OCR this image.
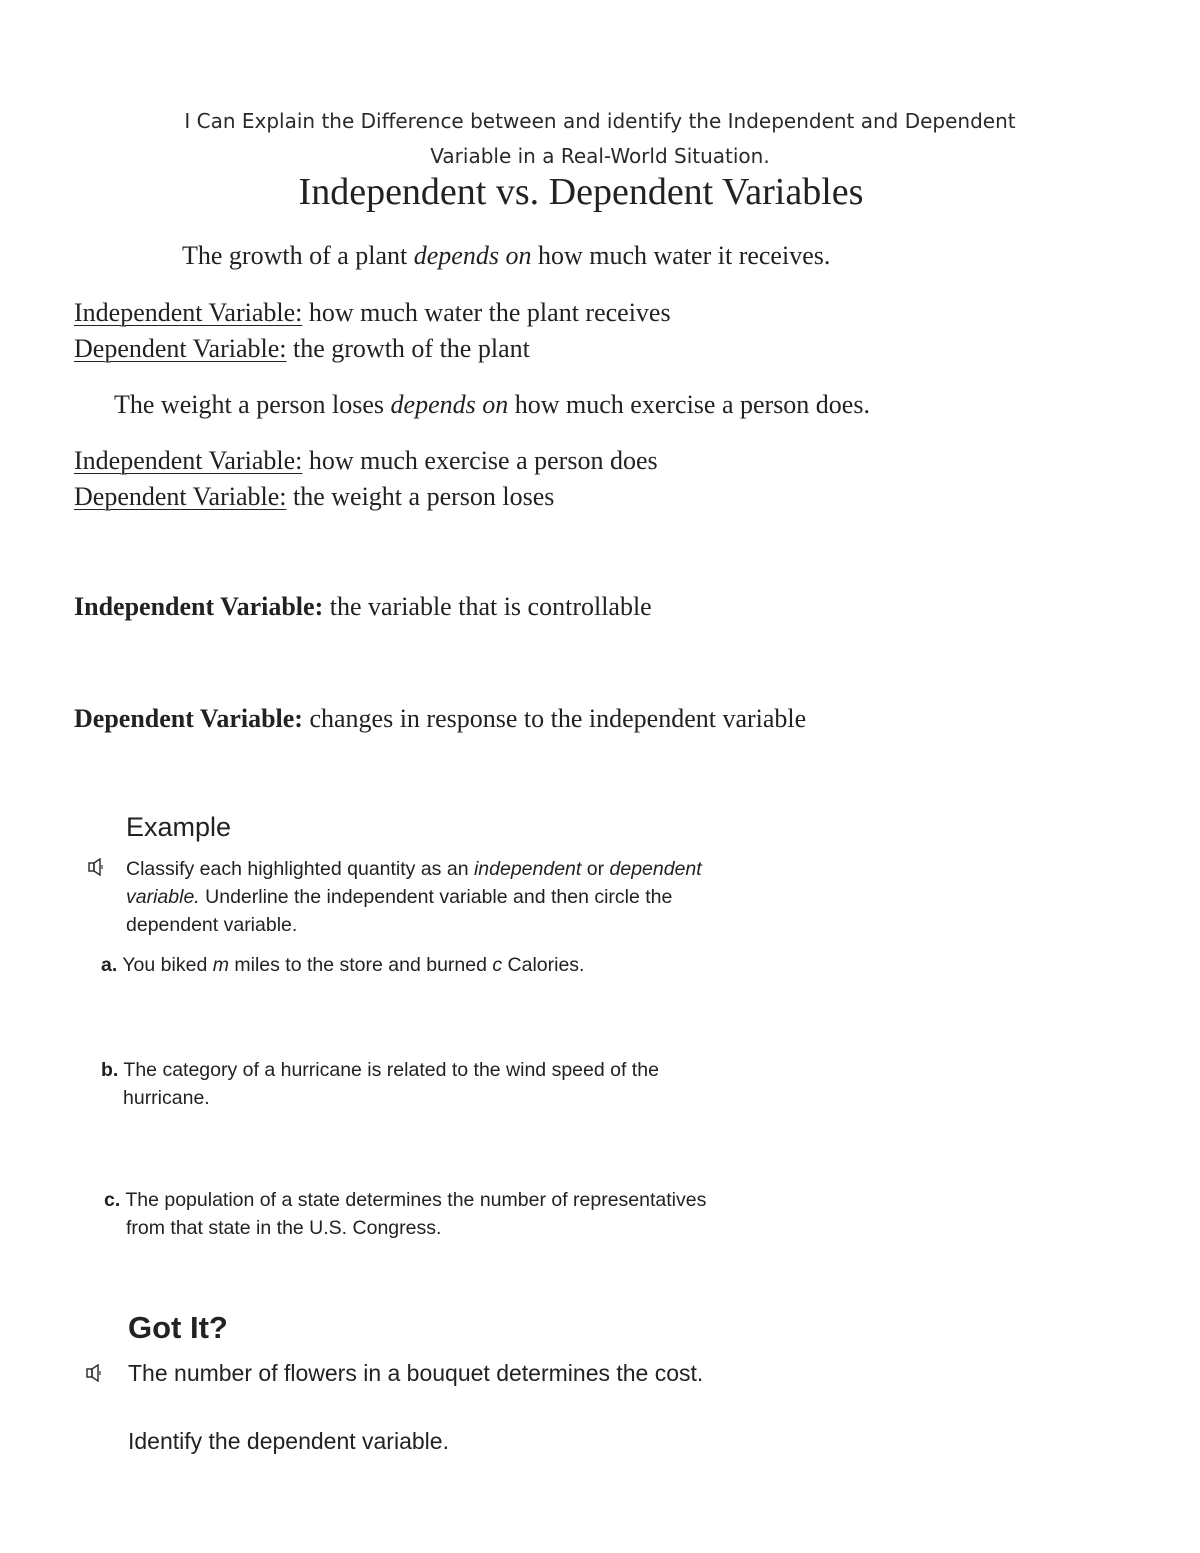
I Can Explain the Difference between and identify the Independent and Dependent
Variable in a Real-World Situation.
Independent vs. Dependent Variables
The growth of a plant depends on how much water it receives.
Independent Variable: how much water the plant receives
Dependent Variable: the growth of the plant
The weight a person loses depends on how much exercise a person does.
Independent Variable: how much exercise a person does
Dependent Variable: the weight a person loses
Independent Variable: the variable that is controllable
Dependent Variable: changes in response to the independent variable
Example
Classify each highlighted quantity as an independent or dependent
variable. Underline the independent variable and then circle the
dependent variable.
a. You biked m miles to the store and burned c Calories.
b. The category of a hurricane is related to the wind speed of the
hurricane.
c. The population of a state determines the number of representatives
from that state in the U.S. Congress.
Got It?
The number of flowers in a bouquet determines the cost.
Identify the dependent variable.
